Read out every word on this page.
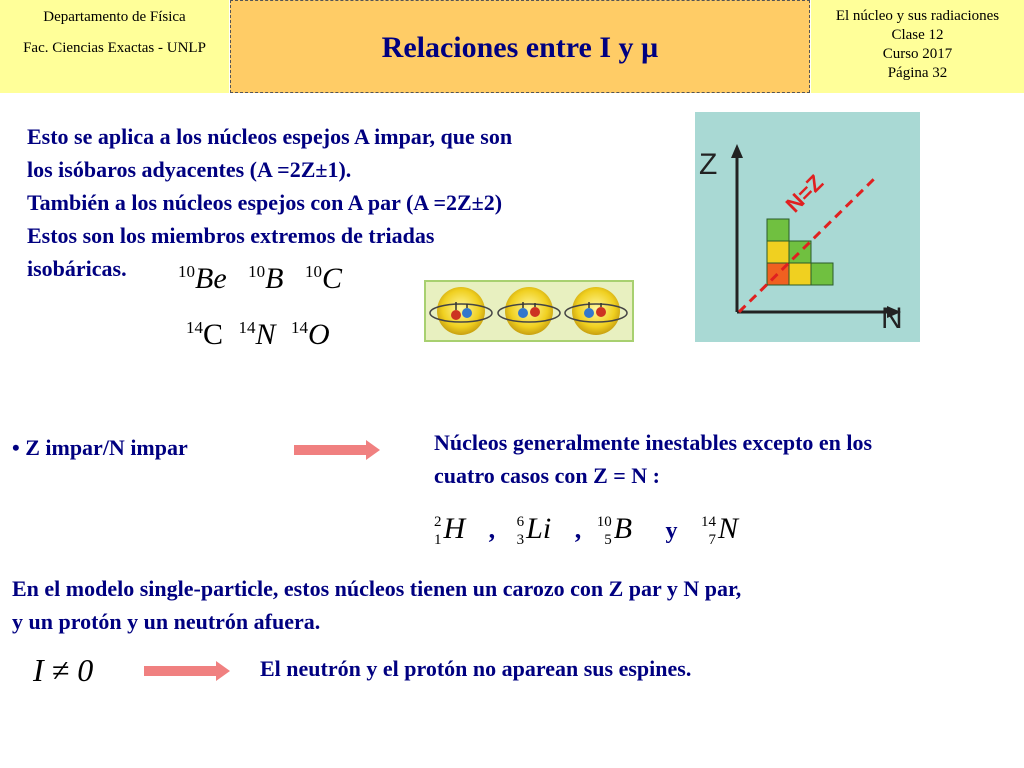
Departamento de Física
Fac. Ciencias Exactas - UNLP	Relaciones entre I y µ
El núcleo y sus radiaciones
Clase 12
Curso 2017
Página 32
Esto se aplica a los núcleos espejos A impar, que son
los isóbaros adyacentes (A =2Z±1).
También a los núcleos espejos con A par (A =2Z±2)
Estos son los miembros extremos de triadas
isobáricas.	$^{10}$Be $^{10}$B $^{10}$C
$^{14}$C $^{14}$N $^{14}$O
Z
N
N=Z
• Z impar/N impar	Núcleos generalmente inestables excepto en los
cuatro casos con Z = N :
2
1 H , 6
3 Li , 10
5 B y 14
7 N
En el modelo single-particle, estos núcleos tienen un carozo con Z par y N par,
y un protón y un neutrón afuera.
I ≠ 0	El neutrón y el protón no aparean sus espines.
